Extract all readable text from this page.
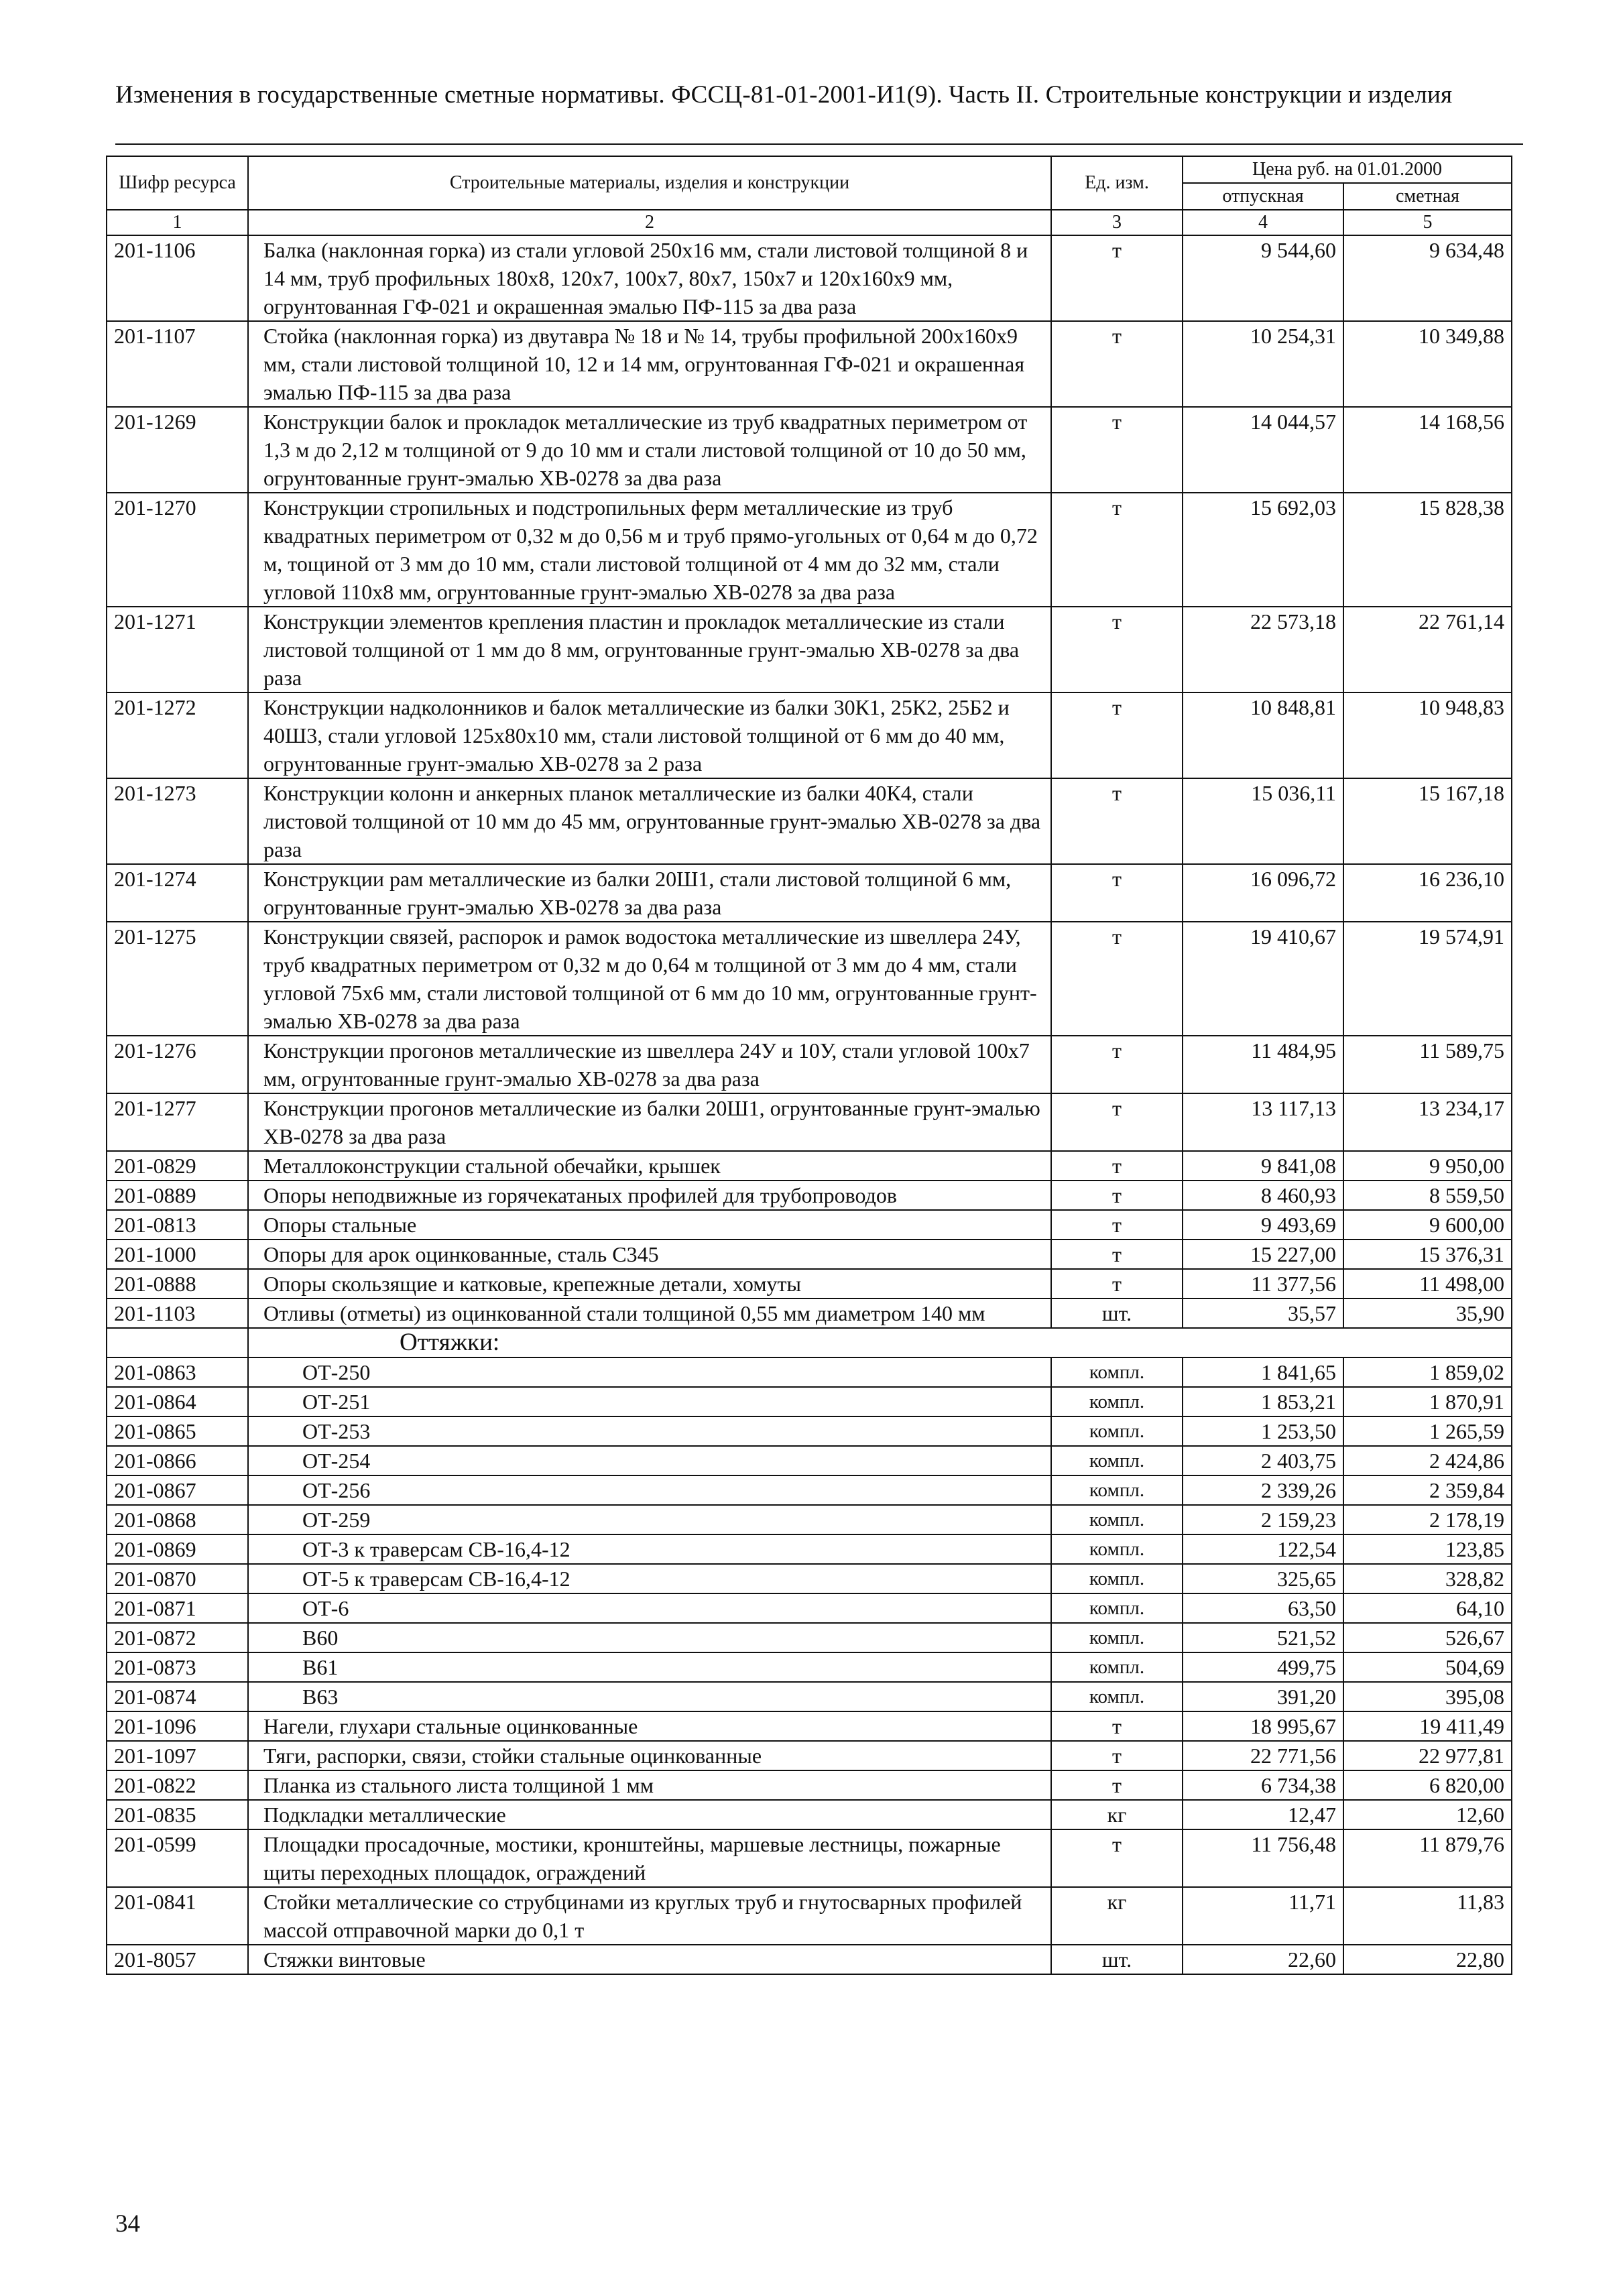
Изменения в государственные сметные нормативы. ФССЦ-81-01-2001-И1(9). Часть II. Строительные конструкции и изделия
Шифр ресурса	Строительные материалы, изделия и конструкции	Ед. изм.	Цена руб. на 01.01.2000	
			отпускная	сметная
1	2	3	4	5
201-1106	Балка (наклонная горка) из стали угловой 250x16 мм, стали листовой толщиной 8 и 14 мм, труб профильных 180x8, 120x7, 100x7, 80x7, 150x7 и 120x160x9 мм, огрунтованная ГФ-021 и окрашенная эмалью ПФ-115 за два раза	т	9 544,60	9 634,48
201-1107	Стойка (наклонная горка) из двутавра № 18 и № 14, трубы профильной 200x160x9 мм, стали листовой толщиной 10, 12 и 14 мм, огрунтованная ГФ-021 и окрашенная эмалью ПФ-115 за два раза	т	10 254,31	10 349,88
201-1269	Конструкции балок и прокладок металлические из труб квадратных периметром от 1,3 м до 2,12 м толщиной от 9 до 10 мм и стали листовой толщиной от 10 до 50 мм, огрунтованные грунт-эмалью ХВ-0278 за два раза	т	14 044,57	14 168,56
201-1270	Конструкции стропильных и подстропильных ферм металлические из труб квадратных периметром от 0,32 м до 0,56 м и труб прямо-угольных от 0,64 м до 0,72 м, тощиной от 3 мм до 10 мм, стали листовой толщиной от 4 мм до 32 мм, стали угловой 110x8 мм, огрунтованные грунт-эмалью ХВ-0278 за два раза	т	15 692,03	15 828,38
201-1271	Конструкции элементов крепления пластин и прокладок металлические из стали листовой толщиной от 1 мм до 8 мм, огрунтованные грунт-эмалью ХВ-0278 за два раза	т	22 573,18	22 761,14
201-1272	Конструкции надколонников и балок металлические из балки 30К1, 25К2, 25Б2 и 40Ш3, стали угловой 125x80x10 мм, стали листовой толщиной от 6 мм до 40 мм, огрунтованные грунт-эмалью ХВ-0278 за 2 раза	т	10 848,81	10 948,83
201-1273	Конструкции колонн и анкерных планок металлические из балки 40К4, стали листовой толщиной от 10 мм до 45 мм, огрунтованные грунт-эмалью ХВ-0278 за два раза	т	15 036,11	15 167,18
201-1274	Конструкции рам металлические из балки 20Ш1, стали листовой толщиной 6 мм, огрунтованные грунт-эмалью ХВ-0278 за два раза	т	16 096,72	16 236,10
201-1275	Конструкции связей, распорок и рамок водостока металлические из швеллера 24У, труб квадратных периметром от 0,32 м до 0,64 м толщиной от 3 мм до 4 мм, стали угловой 75x6 мм, стали листовой толщиной от 6 мм до 10 мм, огрунтованные грунт-эмалью ХВ-0278 за два раза	т	19 410,67	19 574,91
201-1276	Конструкции прогонов металлические из швеллера 24У и 10У, стали угловой 100x7 мм, огрунтованные грунт-эмалью ХВ-0278 за два раза	т	11 484,95	11 589,75
201-1277	Конструкции прогонов металлические из балки 20Ш1, огрунтованные грунт-эмалью ХВ-0278 за два раза	т	13 117,13	13 234,17
201-0829	Металлоконструкции стальной обечайки, крышек	т	9 841,08	9 950,00
201-0889	Опоры неподвижные из горячекатаных профилей для трубопроводов	т	8 460,93	8 559,50
201-0813	Опоры стальные	т	9 493,69	9 600,00
201-1000	Опоры для арок оцинкованные, сталь С345	т	15 227,00	15 376,31
201-0888	Опоры скользящие и катковые, крепежные детали, хомуты	т	11 377,56	11 498,00
201-1103	Отливы (отметы) из оцинкованной стали толщиной 0,55 мм диаметром 140 мм	шт.	35,57	35,90
	Оттяжки:			
201-0863	ОТ-250	компл.	1 841,65	1 859,02
201-0864	ОТ-251	компл.	1 853,21	1 870,91
201-0865	ОТ-253	компл.	1 253,50	1 265,59
201-0866	ОТ-254	компл.	2 403,75	2 424,86
201-0867	ОТ-256	компл.	2 339,26	2 359,84
201-0868	ОТ-259	компл.	2 159,23	2 178,19
201-0869	ОТ-3 к траверсам СВ-16,4-12	компл.	122,54	123,85
201-0870	ОТ-5 к траверсам СВ-16,4-12	компл.	325,65	328,82
201-0871	ОТ-6	компл.	63,50	64,10
201-0872	В60	компл.	521,52	526,67
201-0873	В61	компл.	499,75	504,69
201-0874	В63	компл.	391,20	395,08
201-1096	Нагели, глухари стальные оцинкованные	т	18 995,67	19 411,49
201-1097	Тяги, распорки, связи, стойки стальные оцинкованные	т	22 771,56	22 977,81
201-0822	Планка из стального листа толщиной 1 мм	т	6 734,38	6 820,00
201-0835	Подкладки металлические	кг	12,47	12,60
201-0599	Площадки просадочные, мостики, кронштейны, маршевые лестницы, пожарные щиты переходных площадок, ограждений	т	11 756,48	11 879,76
201-0841	Стойки металлические со струбцинами из круглых труб и гнутосварных профилей массой отправочной марки до 0,1 т	кг	11,71	11,83
201-8057	Стяжки винтовые	шт.	22,60	22,80
34
